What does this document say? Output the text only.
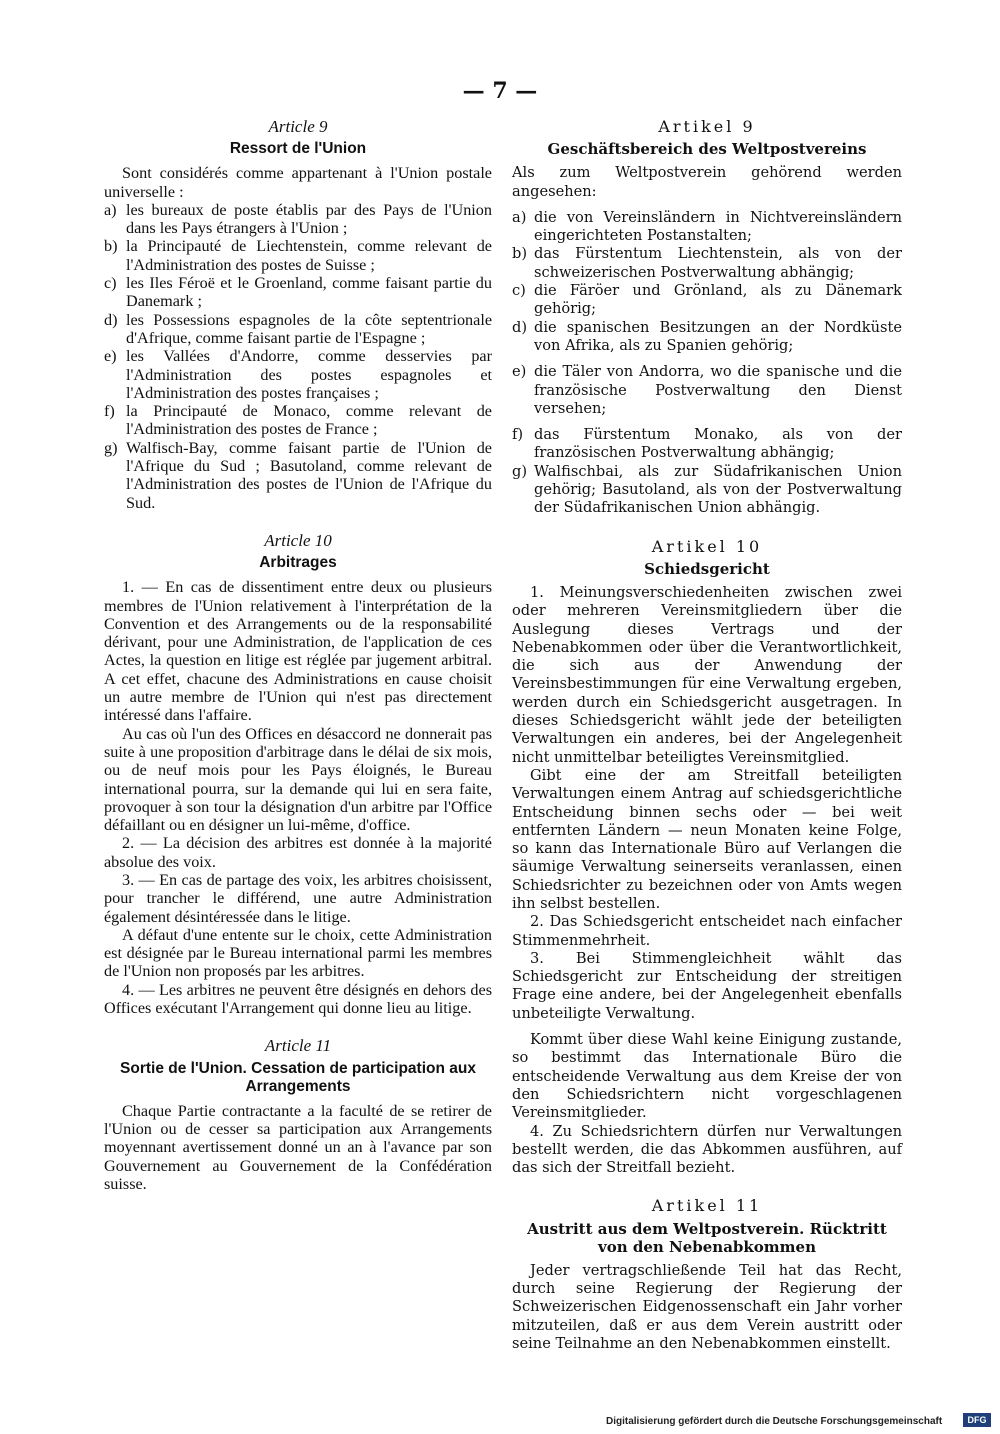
— 7 —
Article 9
Ressort de l'Union

Sont considérés comme appartenant à l'Union postale universelle :

a) les bureaux de poste établis par des Pays de l'Union dans les Pays étrangers à l'Union ;
b) la Principauté de Liechtenstein, comme relevant de l'Administration des postes de Suisse ;
c) les Iles Féroë et le Groenland, comme faisant partie du Danemark ;
d) les Possessions espagnoles de la côte septentrionale d'Afrique, comme faisant partie de l'Espagne ;
e) les Vallées d'Andorre, comme desservies par l'Administration des postes espagnoles et l'Administration des postes françaises ;
f) la Principauté de Monaco, comme relevant de l'Administration des postes de France ;
g) Walfisch-Bay, comme faisant partie de l'Union de l'Afrique du Sud ; Basutoland, comme relevant de l'Administration des postes de l'Union de l'Afrique du Sud.
Article 10
Arbitrages

1. — En cas de dissentiment entre deux ou plusieurs membres de l'Union relativement à l'interprétation de la Convention et des Arrangements ou de la responsabilité dérivant, pour une Administration, de l'application de ces Actes, la question en litige est réglée par jugement arbitral. A cet effet, chacune des Administrations en cause choisit un autre membre de l'Union qui n'est pas directement intéressé dans l'affaire.

Au cas où l'un des Offices en désaccord ne donnerait pas suite à une proposition d'arbitrage dans le délai de six mois, ou de neuf mois pour les Pays éloignés, le Bureau international pourra, sur la demande qui lui en sera faite, provoquer à son tour la désignation d'un arbitre par l'Office défaillant ou en désigner un lui-même, d'office.

2. — La décision des arbitres est donnée à la majorité absolue des voix.

3. — En cas de partage des voix, les arbitres choisissent, pour trancher le différend, une autre Administration également désintéressée dans le litige.

A défaut d'une entente sur le choix, cette Administration est désignée par le Bureau international parmi les membres de l'Union non proposés par les arbitres.

4. — Les arbitres ne peuvent être désignés en dehors des Offices exécutant l'Arrangement qui donne lieu au litige.

Article 11
Sortie de l'Union. Cessation de participation aux Arrangements

Chaque Partie contractante a la faculté de se retirer de l'Union ou de cesser sa participation aux Arrangements moyennant avertissement donné un an à l'avance par son Gouvernement au Gouvernement de la Confédération suisse.

Artikel 9
Geschäftsbereich des Weltpostvereins

Als zum Weltpostverein gehörend werden angesehen:

a) die von Vereinsländern in Nichtvereinsländern eingerichteten Postanstalten;
b) das Fürstentum Liechtenstein, als von der schweizerischen Postverwaltung abhängig;
c) die Färöer und Grönland, als zu Dänemark gehörig;
d) die spanischen Besitzungen an der Nordküste von Afrika, als zu Spanien gehörig;
e) die Täler von Andorra, wo die spanische und die französische Postverwaltung den Dienst versehen;
f) das Fürstentum Monako, als von der französischen Postverwaltung abhängig;
g) Walfischbai, als zur Südafrikanischen Union gehörig; Basutoland, als von der Postverwaltung der Südafrikanischen Union abhängig.
Artikel 10
Schiedsgericht

1. Meinungsverschiedenheiten zwischen zwei oder mehreren Vereinsmitgliedern über die Auslegung dieses Vertrags und der Nebenabkommen oder über die Verantwortlichkeit, die sich aus der Anwendung der Vereinsbestimmungen für eine Verwaltung ergeben, werden durch ein Schiedsgericht ausgetragen. In dieses Schiedsgericht wählt jede der beteiligten Verwaltungen ein anderes, bei der Angelegenheit nicht unmittelbar beteiligtes Vereinsmitglied.

Gibt eine der am Streitfall beteiligten Verwaltungen einem Antrag auf schiedsgerichtliche Entscheidung binnen sechs oder — bei weit entfernten Ländern — neun Monaten keine Folge, so kann das Internationale Büro auf Verlangen die säumige Verwaltung seinerseits veranlassen, einen Schiedsrichter zu bezeichnen oder von Amts wegen ihn selbst bestellen.

2. Das Schiedsgericht entscheidet nach einfacher Stimmenmehrheit.

3. Bei Stimmengleichheit wählt das Schiedsgericht zur Entscheidung der streitigen Frage eine andere, bei der Angelegenheit ebenfalls unbeteiligte Verwaltung.

Kommt über diese Wahl keine Einigung zustande, so bestimmt das Internationale Büro die entscheidende Verwaltung aus dem Kreise der von den Schiedsrichtern nicht vorgeschlagenen Vereinsmitglieder.

4. Zu Schiedsrichtern dürfen nur Verwaltungen bestellt werden, die das Abkommen ausführen, auf das sich der Streitfall bezieht.

Artikel 11
Austritt aus dem Weltpostverein. Rücktritt von den Nebenabkommen

Jeder vertragschließende Teil hat das Recht, durch seine Regierung der Regierung der Schweizerischen Eidgenossenschaft ein Jahr vorher mitzuteilen, daß er aus dem Verein austritt oder seine Teilnahme an den Nebenabkommen einstellt.

Digitalisierung gefördert durch die Deutsche Forschungsgemeinschaft	DFG
